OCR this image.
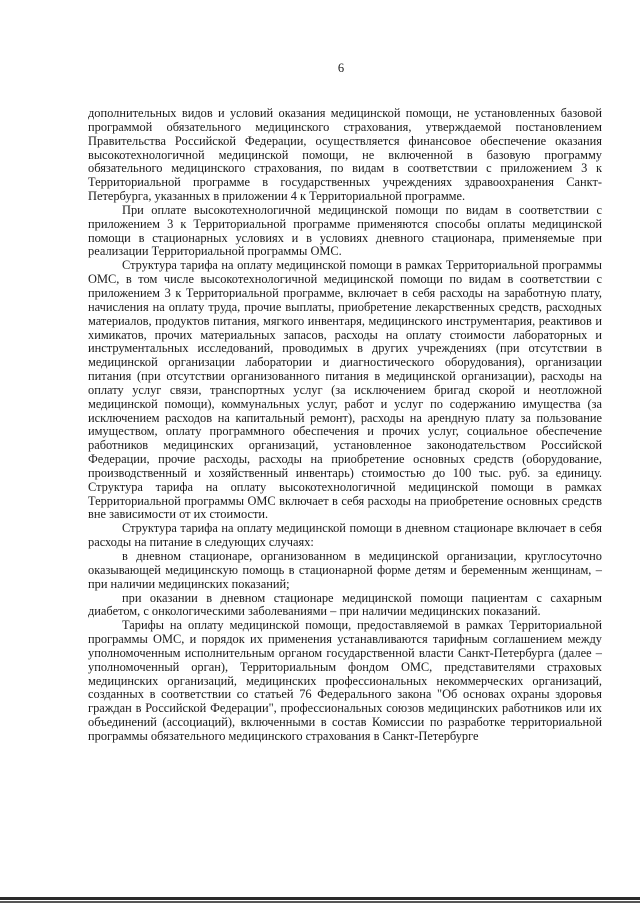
6

дополнительных видов и условий оказания медицинской помощи, не установленных базовой программой обязательного медицинского страхования, утверждаемой постановлением Правительства Российской Федерации, осуществляется финансовое обеспечение оказания высокотехнологичной медицинской помощи, не включенной в базовую программу обязательного медицинского страхования, по видам в соответствии с приложением 3 к Территориальной программе в государственных учреждениях здравоохранения Санкт-Петербурга, указанных в приложении 4 к Территориальной программе.

При оплате высокотехнологичной медицинской помощи по видам в соответствии с приложением 3 к Территориальной программе применяются способы оплаты медицинской помощи в стационарных условиях и в условиях дневного стационара, применяемые при реализации Территориальной программы ОМС.

Структура тарифа на оплату медицинской помощи в рамках Территориальной программы ОМС, в том числе высокотехнологичной медицинской помощи по видам в соответствии с приложением 3 к Территориальной программе, включает в себя расходы на заработную плату, начисления на оплату труда, прочие выплаты, приобретение лекарственных средств, расходных материалов, продуктов питания, мягкого инвентаря, медицинского инструментария, реактивов и химикатов, прочих материальных запасов, расходы на оплату стоимости лабораторных и инструментальных исследований, проводимых в других учреждениях (при отсутствии в медицинской организации лаборатории и диагностического оборудования), организации питания (при отсутствии организованного питания в медицинской организации), расходы на оплату услуг связи, транспортных услуг (за исключением бригад скорой и неотложной медицинской помощи), коммунальных услуг, работ и услуг по содержанию имущества (за исключением расходов на капитальный ремонт), расходы на арендную плату за пользование имуществом, оплату программного обеспечения и прочих услуг, социальное обеспечение работников медицинских организаций, установленное законодательством Российской Федерации, прочие расходы, расходы на приобретение основных средств (оборудование, производственный и хозяйственный инвентарь) стоимостью до 100 тыс. руб. за единицу. Структура тарифа на оплату высокотехнологичной медицинской помощи в рамках Территориальной программы ОМС включает в себя расходы на приобретение основных средств вне зависимости от их стоимости.

Структура тарифа на оплату медицинской помощи в дневном стационаре включает в себя расходы на питание в следующих случаях:

в дневном стационаре, организованном в медицинской организации, круглосуточно оказывающей медицинскую помощь в стационарной форме детям и беременным женщинам, – при наличии медицинских показаний;

при оказании в дневном стационаре медицинской помощи пациентам с сахарным диабетом, с онкологическими заболеваниями – при наличии медицинских показаний.

Тарифы на оплату медицинской помощи, предоставляемой в рамках Территориальной программы ОМС, и порядок их применения устанавливаются тарифным соглашением между уполномоченным исполнительным органом государственной власти Санкт-Петербурга (далее – уполномоченный орган), Территориальным фондом ОМС, представителями страховых медицинских организаций, медицинских профессиональных некоммерческих организаций, созданных в соответствии со статьей 76 Федерального закона "Об основах охраны здоровья граждан в Российской Федерации", профессиональных союзов медицинских работников или их объединений (ассоциаций), включенными в состав Комиссии по разработке территориальной программы обязательного медицинского страхования в Санкт-Петербурге
